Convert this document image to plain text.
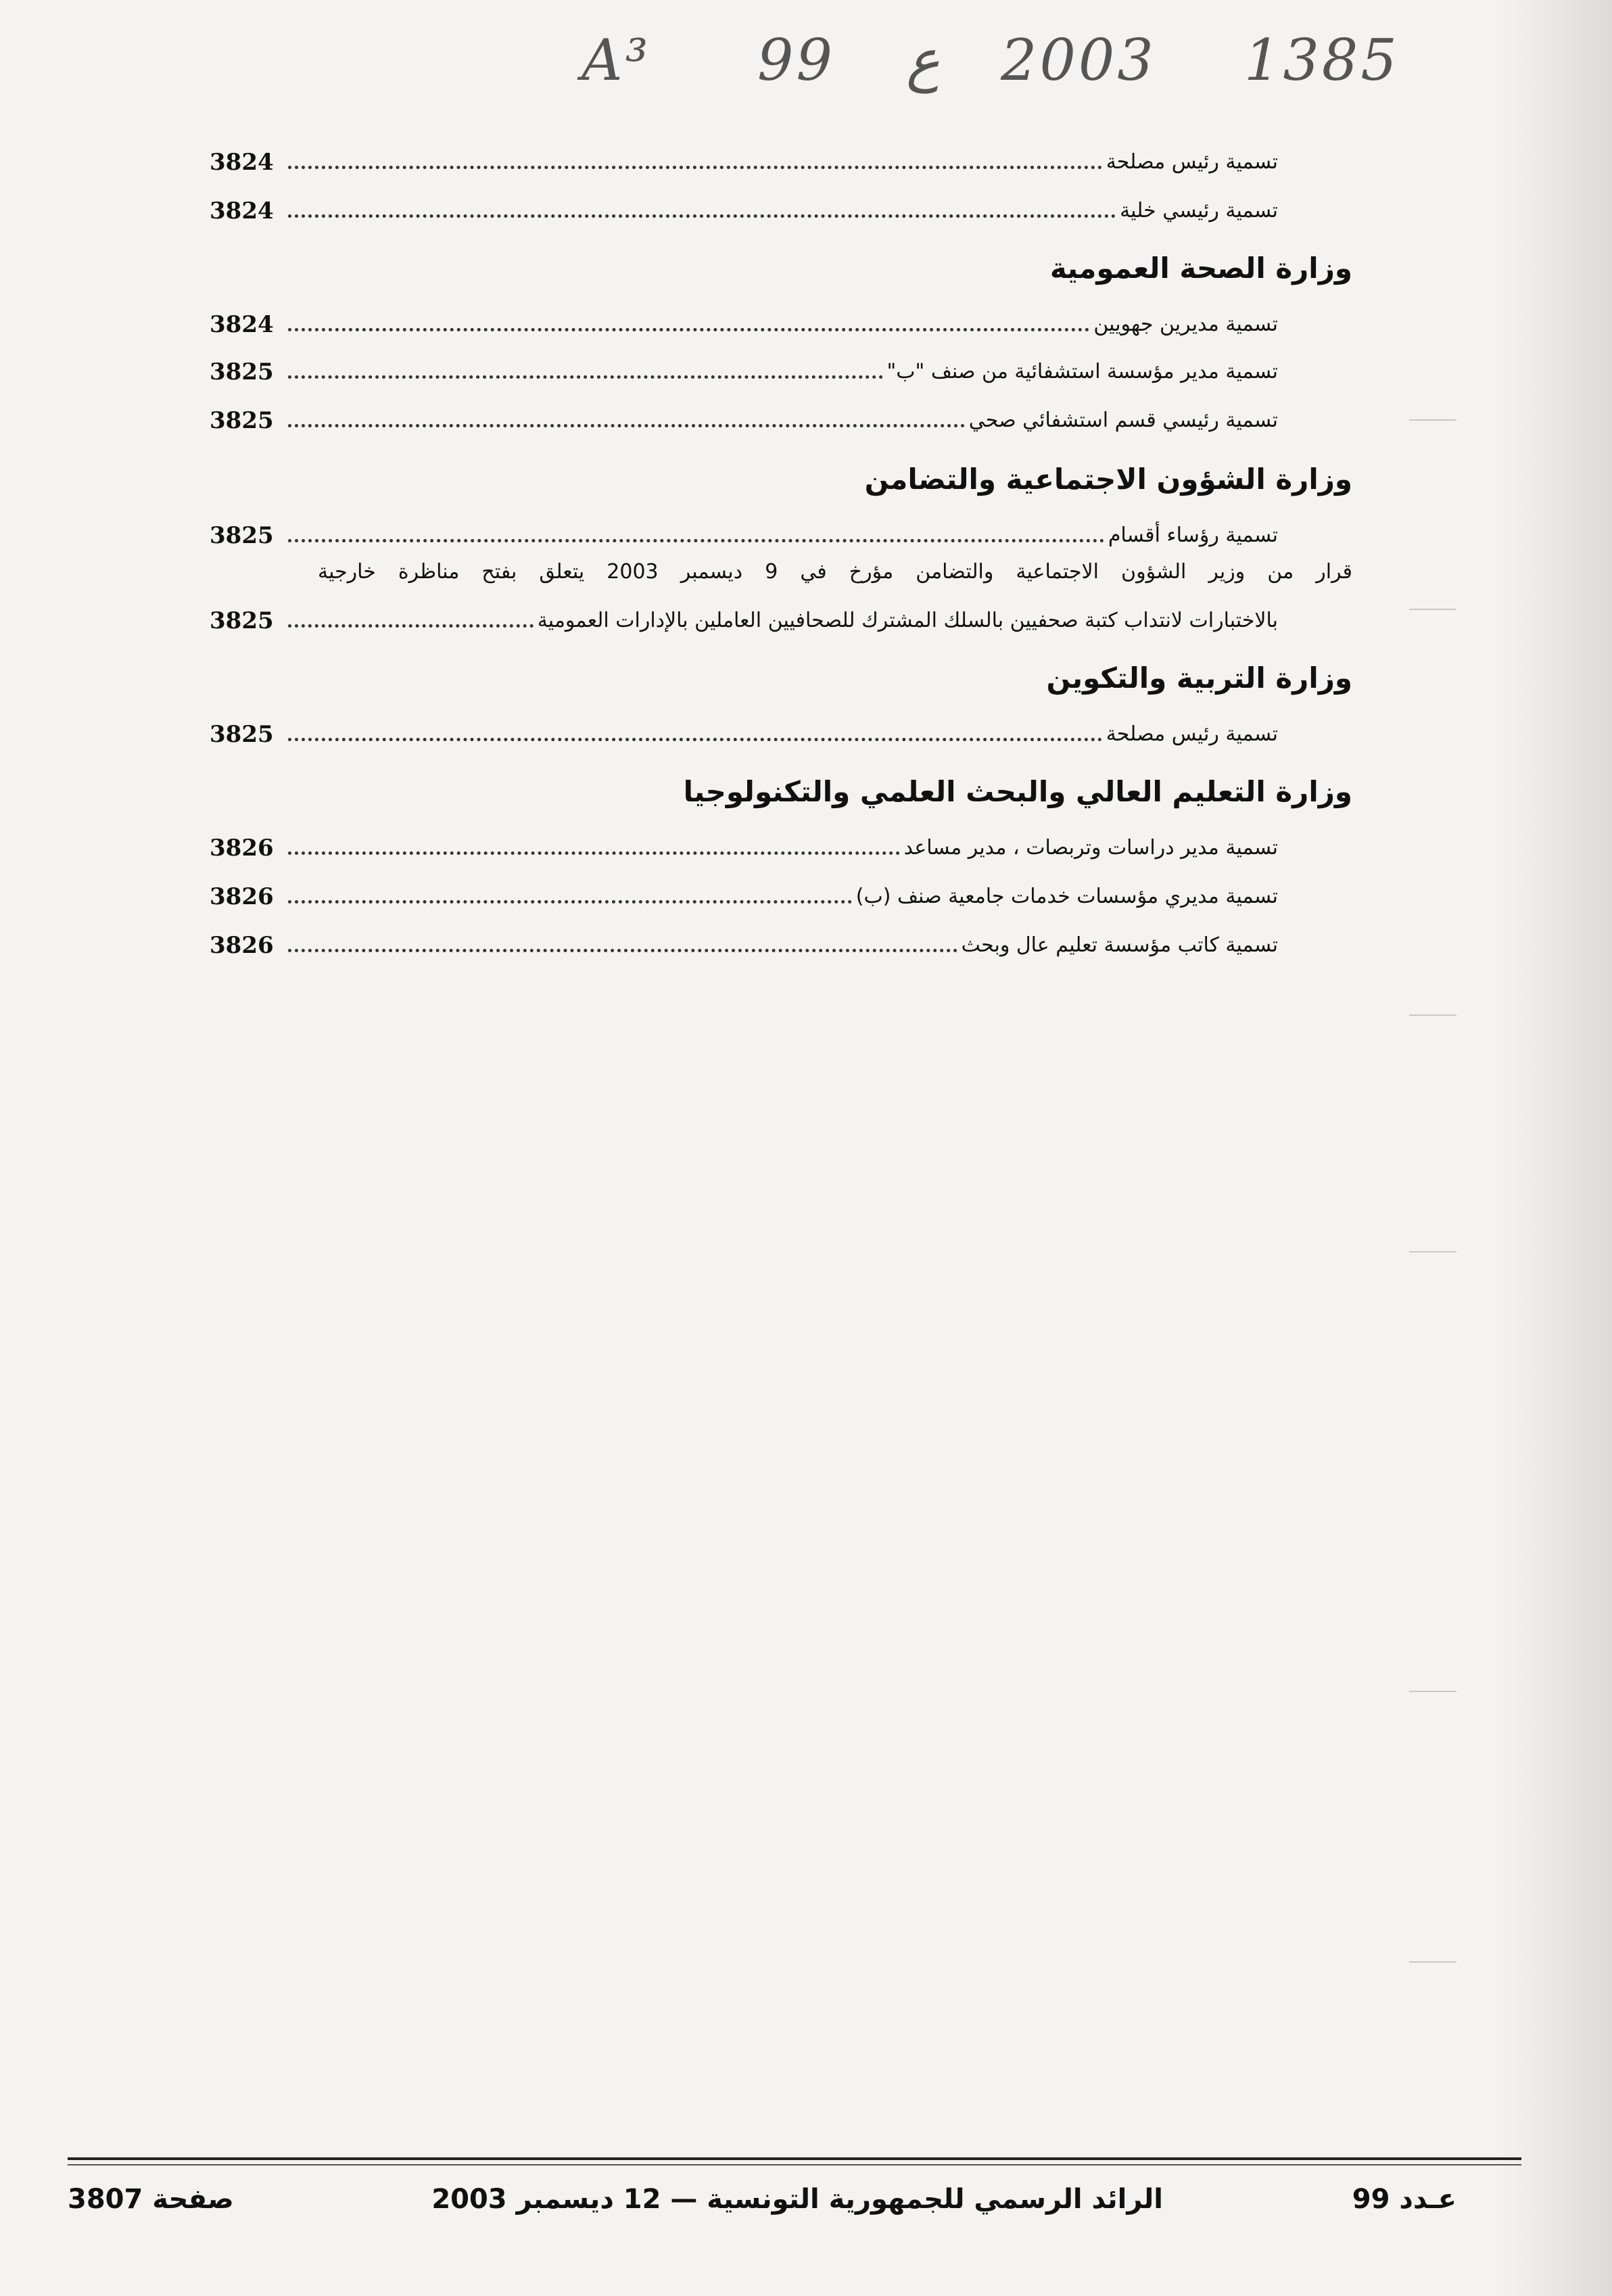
A³ 99 ع 2003 1385
تسمية رئيس مصلحة
3824
تسمية رئيسي خلية
3824
وزارة الصحة العمومية
تسمية مديرين جهويين
3824
تسمية مدير مؤسسة استشفائية من صنف "ب"
3825
تسمية رئيسي قسم استشفائي صحي
3825
وزارة الشؤون الاجتماعية والتضامن
تسمية رؤساء أقسام
3825
قرار من وزير الشؤون الاجتماعية والتضامن مؤرخ في 9 ديسمبر 2003 يتعلق بفتح مناظرة خارجية
بالاختبارات لانتداب كتبة صحفيين بالسلك المشترك للصحافيين العاملين بالإدارات العمومية
3825
وزارة التربية والتكوين
تسمية رئيس مصلحة
3825
وزارة التعليم العالي والبحث العلمي والتكنولوجيا
تسمية مدير دراسات وتربصات ، مدير مساعد
3826
تسمية مديري مؤسسات خدمات جامعية صنف (ب)
3826
تسمية كاتب مؤسسة تعليم عال وبحث
3826
عـدد 99
الرائد الرسمي للجمهورية التونسية — 12 ديسمبر 2003
صفحة 3807
